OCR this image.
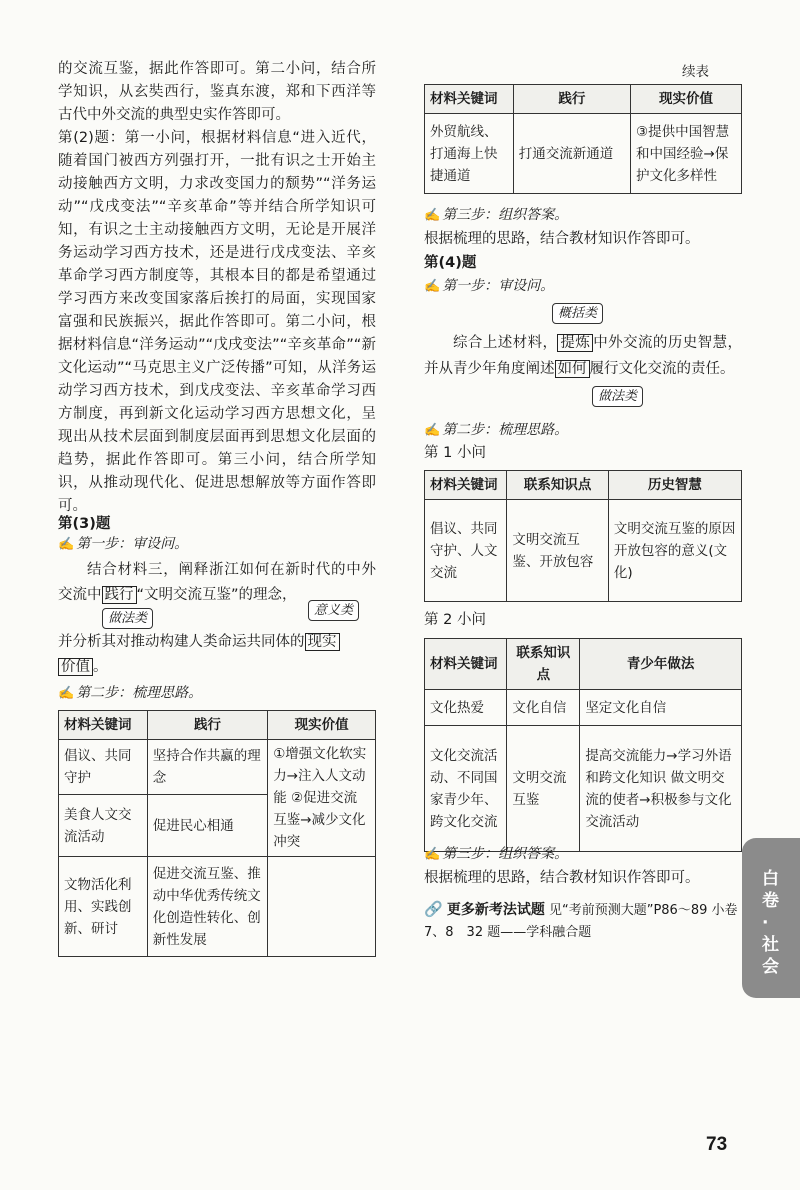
的交流互鉴，据此作答即可。第二小问，结合所学知识，从玄奘西行，鉴真东渡，郑和下西洋等古代中外交流的典型史实作答即可。

第(2)题：第一小问，根据材料信息“进入近代，随着国门被西方列强打开，一批有识之士开始主动接触西方文明，力求改变国力的颓势”“洋务运动”“戊戌变法”“辛亥革命”等并结合所学知识可知，有识之士主动接触西方文明，无论是开展洋务运动学习西方技术，还是进行戊戌变法、辛亥革命学习西方制度等，其根本目的都是希望通过学习西方来改变国家落后挨打的局面，实现国家富强和民族振兴，据此作答即可。第二小问，根据材料信息“洋务运动”“戊戌变法”“辛亥革命”“新文化运动”“马克思主义广泛传播”可知，从洋务运动学习西方技术，到戊戌变法、辛亥革命学习西方制度，再到新文化运动学习西方思想文化，呈现出从技术层面到制度层面再到思想文化层面的趋势，据此作答即可。第三小问，结合所学知识，从推动现代化、促进思想解放等方面作答即可。

第(3)题
✍ 第一步：审设问。
结合材料三，阐释浙江如何在新时代的中外交流中 践行 “文明交流互鉴”的理念，
做法类
意义类
并分析其对推动构建人类命运共同体的 现实
价值 。
✍ 第二步：梳理思路。
材料关键词	践行	现实价值
倡议、共同守护	坚持合作共赢的理念	①增强文化软实力→注入人文动能 ②促进交流互鉴→减少文化冲突
美食人文交流活动	促进民心相通	
文物活化利用、实践创新、研讨	促进交流互鉴、推动中华优秀传统文化创造性转化、创新性发展	
续表
材料关键词	践行	现实价值
外贸航线、打通海上快捷通道	打通交流新通道	③提供中国智慧和中国经验→保护文化多样性
✍ 第三步：组织答案。

根据梳理的思路，结合教材知识作答即可。

第(4)题
✍ 第一步：审设问。
概括类
综合上述材料， 提炼 中外交流的历史智慧，并从青少年角度阐述 如何 履行文化交流的责任。
做法类
✍ 第二步：梳理思路。
第 1 小问
材料关键词	联系知识点	历史智慧
倡议、共同守护、人文交流	文明交流互鉴、开放包容	文明交流互鉴的原因 开放包容的意义(文化)
第 2 小问
材料关键词	联系知识点	青少年做法
文化热爱	文化自信	坚定文化自信
文化交流活动、不同国家青少年、跨文化交流	文明交流互鉴	提高交流能力→学习外语和跨文化知识 做文明交流的使者→积极参与文化交流活动
✍ 第三步：组织答案。

根据梳理的思路，结合教材知识作答即可。

🔗 更多新考法试题 见“考前预测大题”P86～89 小卷 7、8　32 题——学科融合题
白卷·社会
73
